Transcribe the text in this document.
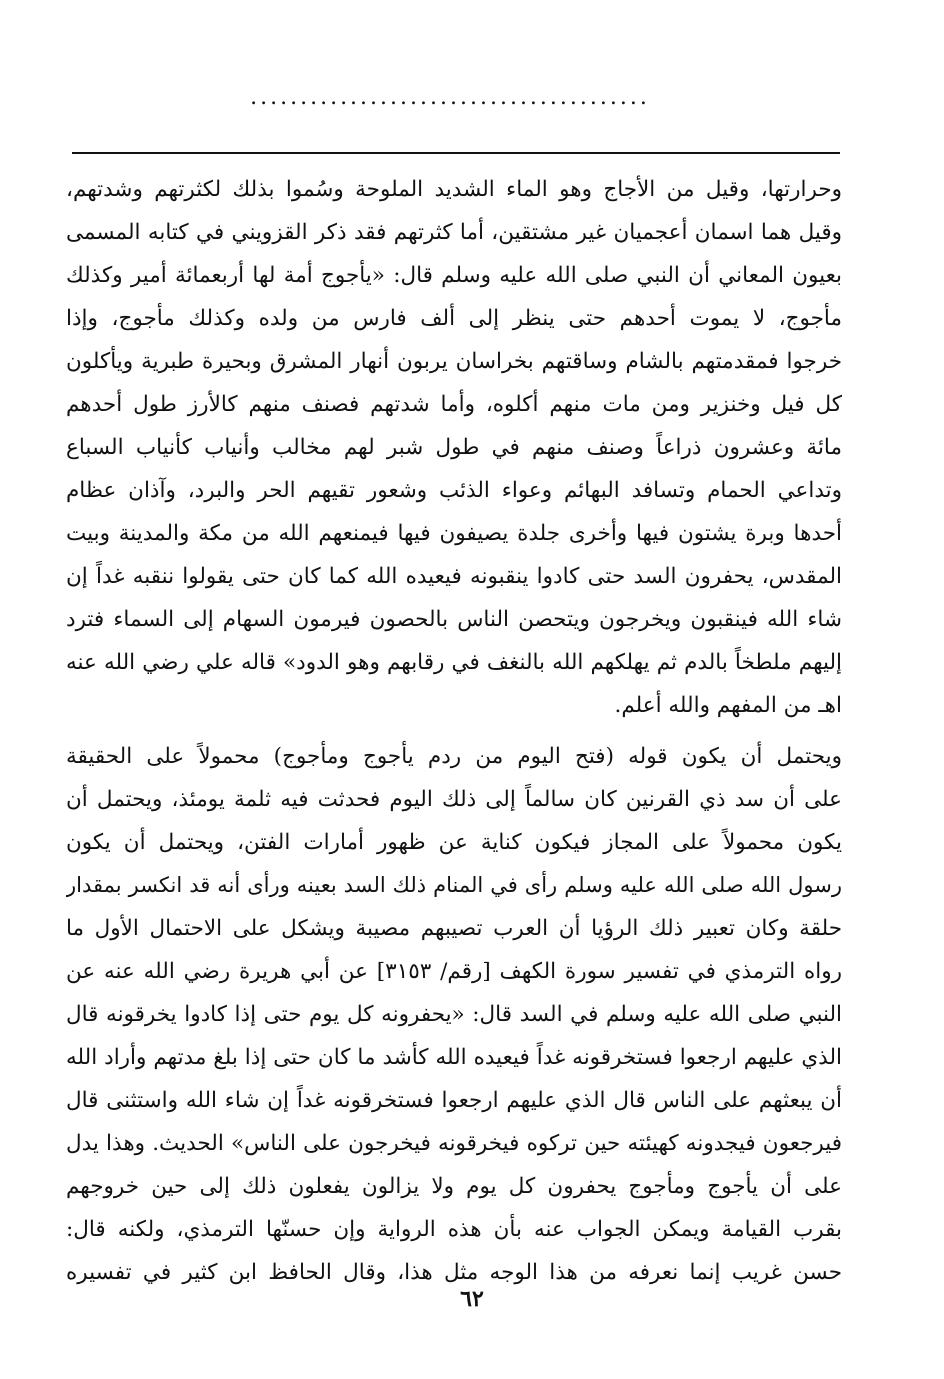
........................................
وحرارتها، وقيل من الأجاج وهو الماء الشديد الملوحة وسُموا بذلك لكثرتهم وشدتهم،
وقيل هما اسمان أعجميان غير مشتقين، أما كثرتهم فقد ذكر القزويني في كتابه المسمى
بعيون المعاني أن النبي صلى الله عليه وسلم قال: «يأجوج أمة لها أربعمائة أمير وكذلك
مأجوج، لا يموت أحدهم حتى ينظر إلى ألف فارس من ولده وكذلك مأجوج، وإذا
خرجوا فمقدمتهم بالشام وساقتهم بخراسان يربون أنهار المشرق وبحيرة طبرية ويأكلون
كل فيل وخنزير ومن مات منهم أكلوه، وأما شدتهم فصنف منهم كالأرز طول أحدهم
مائة وعشرون ذراعاً وصنف منهم في طول شبر لهم مخالب وأنياب كأنياب السباع
وتداعي الحمام وتسافد البهائم وعواء الذئب وشعور تقيهم الحر والبرد، وآذان عظام
أحدها وبرة يشتون فيها وأخرى جلدة يصيفون فيها فيمنعهم الله من مكة والمدينة وبيت
المقدس، يحفرون السد حتى كادوا ينقبونه فيعيده الله كما كان حتى يقولوا ننقبه غداً إن
شاء الله فينقبون ويخرجون ويتحصن الناس بالحصون فيرمون السهام إلى السماء فترد
إليهم ملطخاً بالدم ثم يهلكهم الله بالنغف في رقابهم وهو الدود» قاله علي رضي الله عنه
اهـ من المفهم والله أعلم.
ويحتمل أن يكون قوله (فتح اليوم من ردم يأجوج ومأجوج) محمولاً على الحقيقة
على أن سد ذي القرنين كان سالماً إلى ذلك اليوم فحدثت فيه ثلمة يومئذ، ويحتمل أن
يكون محمولاً على المجاز فيكون كناية عن ظهور أمارات الفتن، ويحتمل أن يكون
رسول الله صلى الله عليه وسلم رأى في المنام ذلك السد بعينه ورأى أنه قد انكسر بمقدار
حلقة وكان تعبير ذلك الرؤيا أن العرب تصيبهم مصيبة ويشكل على الاحتمال الأول ما
رواه الترمذي في تفسير سورة الكهف [رقم/ ٣١٥٣] عن أبي هريرة رضي الله عنه عن
النبي صلى الله عليه وسلم في السد قال: «يحفرونه كل يوم حتى إذا كادوا يخرقونه قال
الذي عليهم ارجعوا فستخرقونه غداً فيعيده الله كأشد ما كان حتى إذا بلغ مدتهم وأراد الله
أن يبعثهم على الناس قال الذي عليهم ارجعوا فستخرقونه غداً إن شاء الله واستثنى قال
فيرجعون فيجدونه كهيئته حين تركوه فيخرقونه فيخرجون على الناس» الحديث. وهذا يدل
على أن يأجوج ومأجوج يحفرون كل يوم ولا يزالون يفعلون ذلك إلى حين خروجهم
بقرب القيامة ويمكن الجواب عنه بأن هذه الرواية وإن حسنّها الترمذي، ولكنه قال:
حسن غريب إنما نعرفه من هذا الوجه مثل هذا، وقال الحافظ ابن كثير في تفسيره
٦٢
